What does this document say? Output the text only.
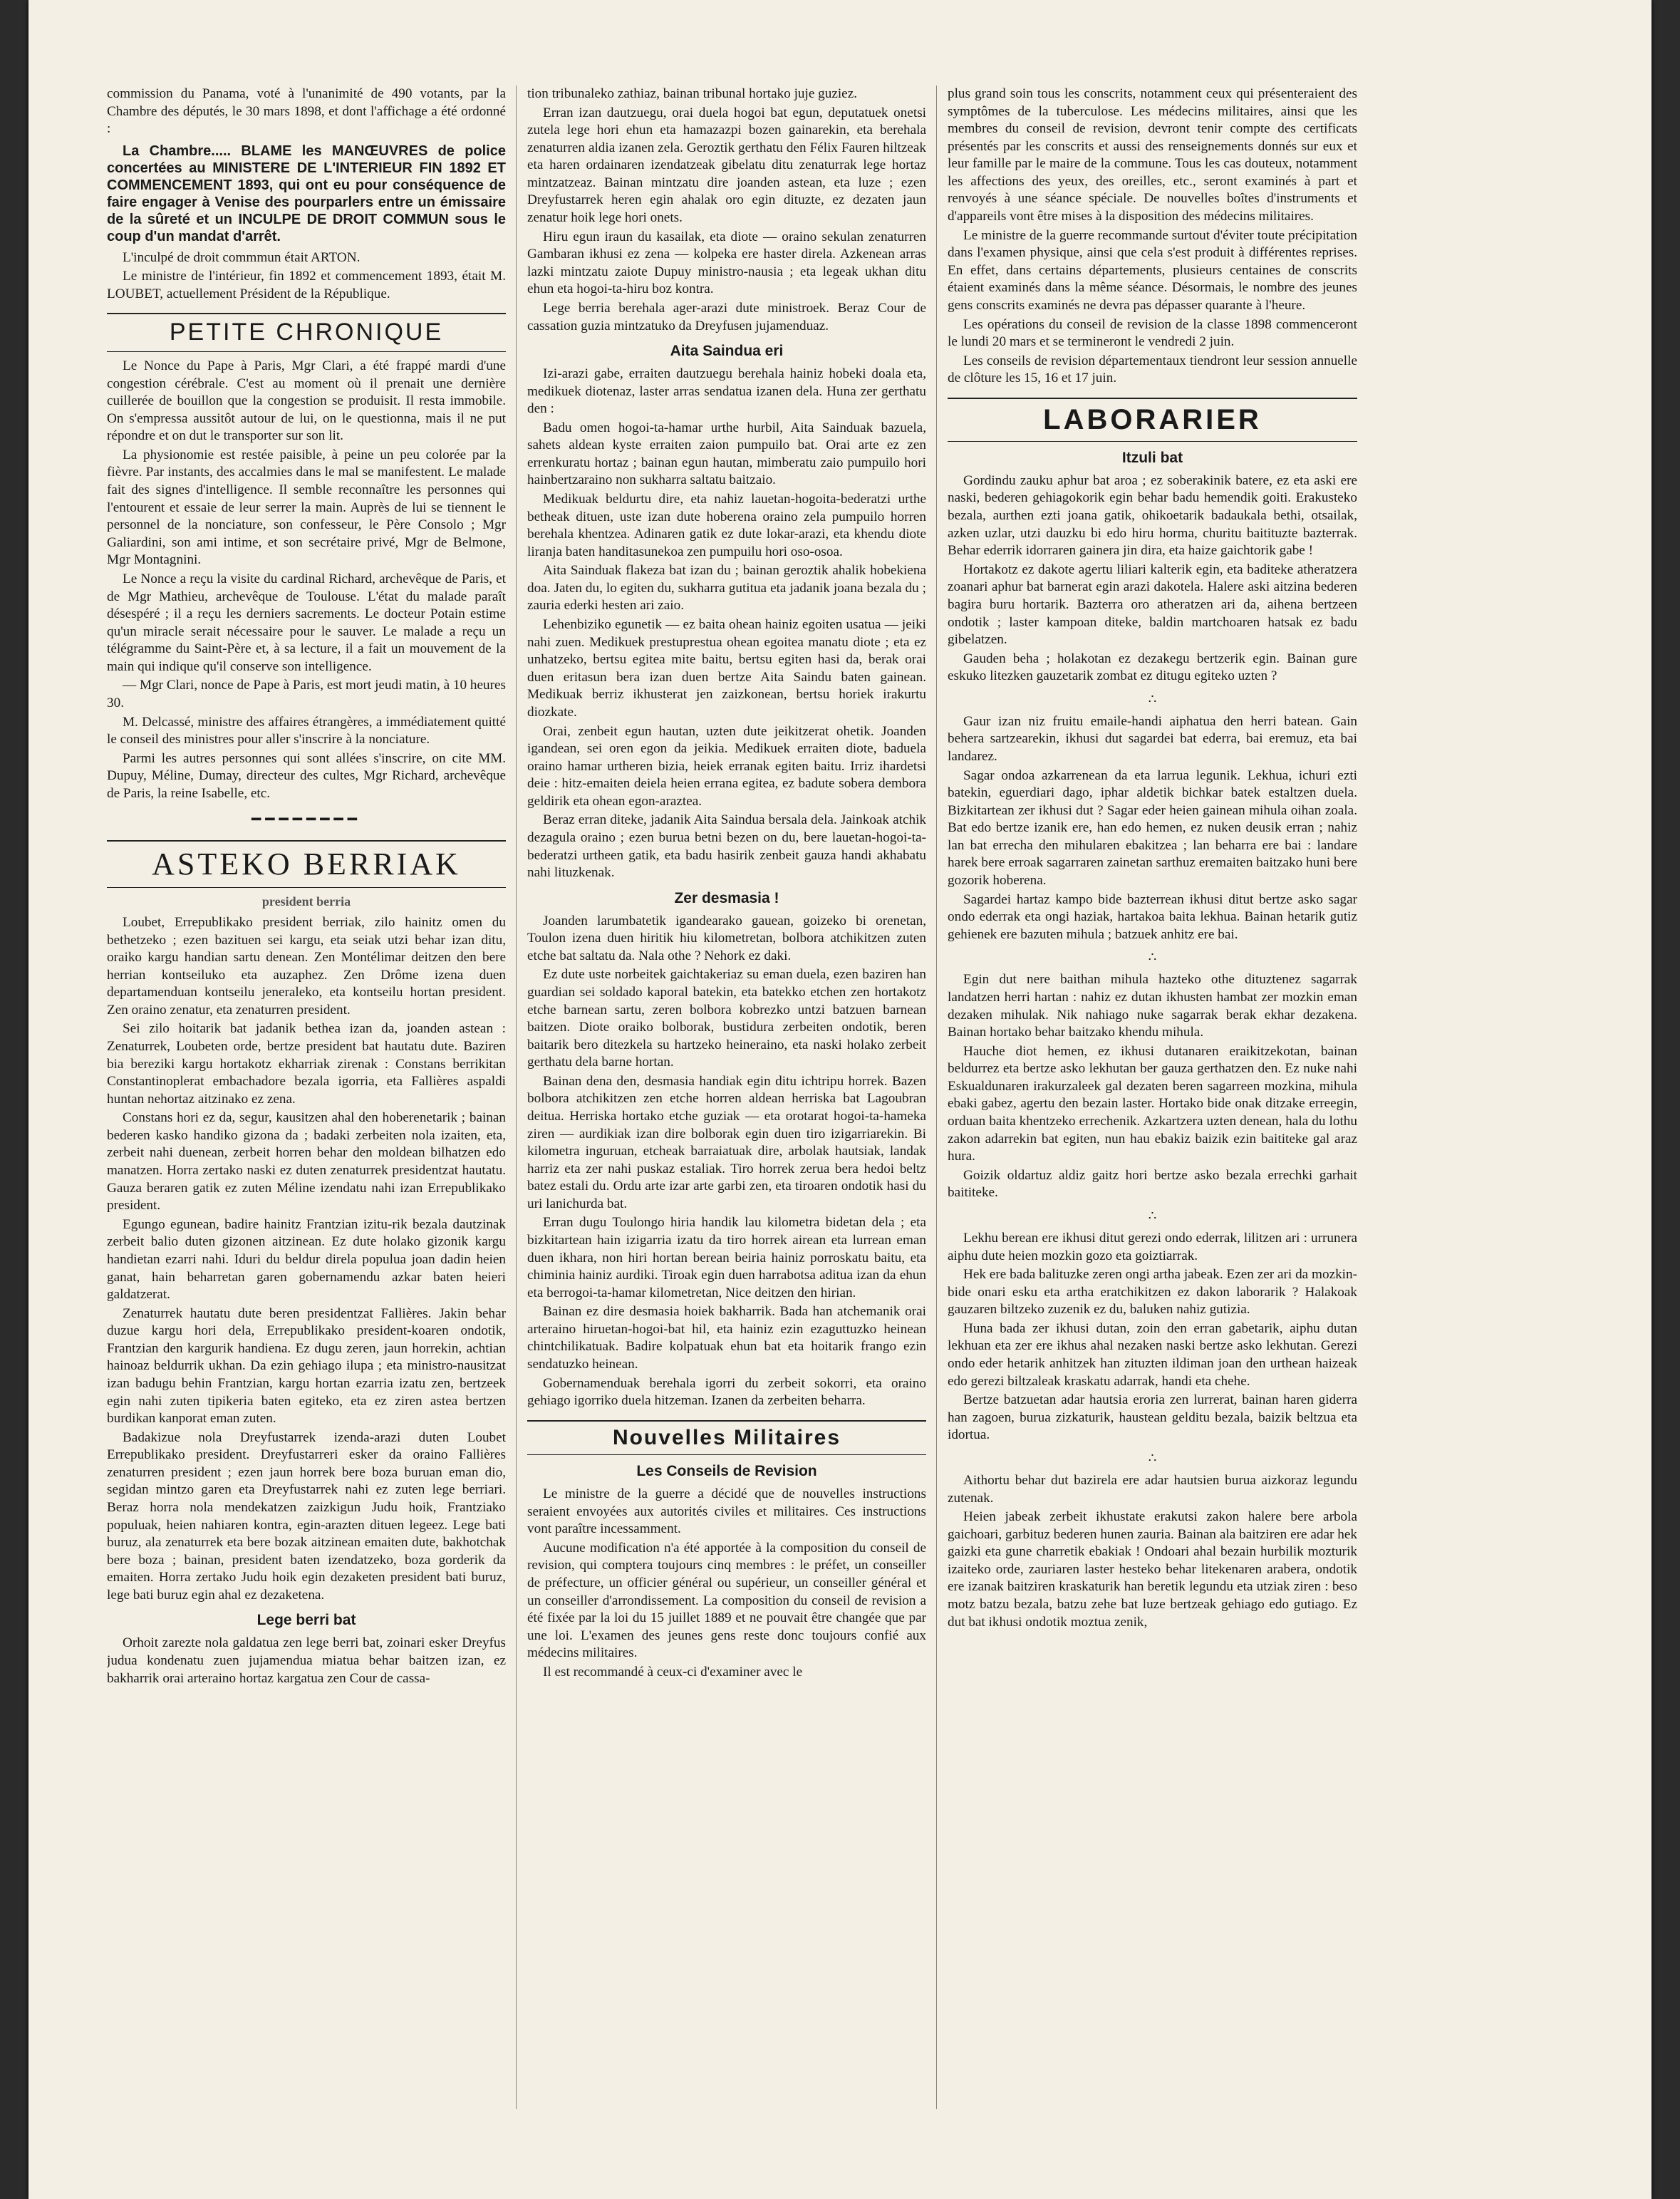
commission du Panama, voté à l'unanimité de 490 votants, par la Chambre des députés, le 30 mars 1898, et dont l'affichage a été ordonné :

La Chambre..... BLAME les MANŒUVRES de police concertées au MINISTERE DE L'INTERIEUR FIN 1892 ET COMMENCEMENT 1893, qui ont eu pour conséquence de faire engager à Venise des pourparlers entre un émissaire de la sûreté et un INCULPE DE DROIT COMMUN sous le coup d'un mandat d'arrêt.

L'inculpé de droit commmun était ARTON.

Le ministre de l'intérieur, fin 1892 et commencement 1893, était M. LOUBET, actuellement Président de la République.

PETITE CHRONIQUE

Le Nonce du Pape à Paris, Mgr Clari, a été frappé mardi d'une congestion cérébrale. C'est au moment où il prenait une dernière cuillerée de bouillon que la congestion se produisit. Il resta immobile. On s'empressa aussitôt autour de lui, on le questionna, mais il ne put répondre et on dut le transporter sur son lit.

La physionomie est restée paisible, à peine un peu colorée par la fièvre. Par instants, des accalmies dans le mal se manifestent. Le malade fait des signes d'intelligence. Il semble reconnaître les personnes qui l'entourent et essaie de leur serrer la main. Auprès de lui se tiennent le personnel de la nonciature, son confesseur, le Père Consolo ; Mgr Galiardini, son ami intime, et son secrétaire privé, Mgr de Belmone, Mgr Montagnini.

Le Nonce a reçu la visite du cardinal Richard, archevêque de Paris, et de Mgr Mathieu, archevêque de Toulouse. L'état du malade paraît désespéré ; il a reçu les derniers sacrements. Le docteur Potain estime qu'un miracle serait nécessaire pour le sauver. Le malade a reçu un télégramme du Saint-Père et, à sa lecture, il a fait un mouvement de la main qui indique qu'il conserve son intelligence.

— Mgr Clari, nonce de Pape à Paris, est mort jeudi matin, à 10 heures 30.

M. Delcassé, ministre des affaires étrangères, a immédiatement quitté le conseil des ministres pour aller s'inscrire à la nonciature.

Parmi les autres personnes qui sont allées s'inscrire, on cite MM. Dupuy, Méline, Dumay, directeur des cultes, Mgr Richard, archevêque de Paris, la reine Isabelle, etc.

━━━━━━━━
ASTEKO BERRIAK
president berria

Loubet, Errepublikako president berriak, zilo hainitz omen du bethetzeko ; ezen bazituen sei kargu, eta seiak utzi behar izan ditu, oraiko kargu handian sartu denean. Zen Montélimar deitzen den bere herrian kontseiluko eta auzaphez. Zen Drôme izena duen departamenduan kontseilu jeneraleko, eta kontseilu hortan president. Zen oraino zenatur, eta zenaturren president.

Sei zilo hoitarik bat jadanik bethea izan da, joanden astean : Zenaturrek, Loubeten orde, bertze president bat hautatu dute. Baziren bia bereziki kargu hortakotz ekharriak zirenak : Constans berrikitan Constantinoplerat embachadore bezala igorria, eta Fallières aspaldi huntan nehortaz aitzinako ez zena.

Constans hori ez da, segur, kausitzen ahal den hoberenetarik ; bainan bederen kasko handiko gizona da ; badaki zerbeiten nola izaiten, eta, zerbeit nahi duenean, zerbeit horren behar den moldean bilhatzen edo manatzen. Horra zertako naski ez duten zenaturrek presidentzat hautatu. Gauza beraren gatik ez zuten Méline izendatu nahi izan Errepublikako president.

Egungo egunean, badire hainitz Frantzian izitu-rik bezala dautzinak zerbeit balio duten gizonen aitzinean. Ez dute holako gizonik kargu handietan ezarri nahi. Iduri du beldur direla populua joan dadin heien ganat, hain beharretan garen gobernamendu azkar baten heieri galdatzerat.

Zenaturrek hautatu dute beren presidentzat Fallières. Jakin behar duzue kargu hori dela, Errepublikako president-koaren ondotik, Frantzian den kargurik handiena. Ez dugu zeren, jaun horrekin, achtian hainoaz beldurrik ukhan. Da ezin gehiago ilupa ; eta ministro-nausitzat izan badugu behin Frantzian, kargu hortan ezarria izatu zen, bertzeek egin nahi zuten tipikeria baten egiteko, eta ez ziren astea bertzen burdikan kanporat eman zuten.

Badakizue nola Dreyfustarrek izenda-arazi duten Loubet Errepublikako president. Dreyfustarreri esker da oraino Fallières zenaturren president ; ezen jaun horrek bere boza buruan eman dio, segidan mintzo garen eta Dreyfustarrek nahi ez zuten lege berriari. Beraz horra nola mendekatzen zaizkigun Judu hoik, Frantziako populuak, heien nahiaren kontra, egin-arazten dituen legeez. Lege bati buruz, ala zenaturrek eta bere bozak aitzinean emaiten dute, bakhotchak bere boza ; bainan, president baten izendatzeko, boza gorderik da emaiten. Horra zertako Judu hoik egin dezaketen president bati buruz, lege bati buruz egin ahal ez dezaketena.

Lege berri bat

Orhoit zarezte nola galdatua zen lege berri bat, zoinari esker Dreyfus judua kondenatu zuen jujamendua miatua behar baitzen izan, ez bakharrik orai arteraino hortaz kargatua zen Cour de cassa-

tion tribunaleko zathiaz, bainan tribunal hortako juje guziez.

Erran izan dautzuegu, orai duela hogoi bat egun, deputatuek onetsi zutela lege hori ehun eta hamazazpi bozen gainarekin, eta berehala zenaturren aldia izanen zela. Geroztik gerthatu den Félix Fauren hiltzeak eta haren ordainaren izendatzeak gibelatu ditu zenaturrak lege hortaz mintzatzeaz. Bainan mintzatu dire joanden astean, eta luze ; ezen Dreyfustarrek heren egin ahalak oro egin dituzte, ez dezaten jaun zenatur hoik lege hori onets.

Hiru egun iraun du kasailak, eta diote — oraino sekulan zenaturren Gambaran ikhusi ez zena — kolpeka ere haster direla. Azkenean arras lazki mintzatu zaiote Dupuy ministro-nausia ; eta legeak ukhan ditu ehun eta hogoi-ta-hiru boz kontra.

Lege berria berehala ager-arazi dute ministroek. Beraz Cour de cassation guzia mintzatuko da Dreyfusen jujamenduaz.

Aita Saindua eri

Izi-arazi gabe, erraiten dautzuegu berehala hainiz hobeki doala eta, medikuek diotenaz, laster arras sendatua izanen dela. Huna zer gerthatu den :

Badu omen hogoi-ta-hamar urthe hurbil, Aita Sainduak bazuela, sahets aldean kyste erraiten zaion pumpuilo bat. Orai arte ez zen errenkuratu hortaz ; bainan egun hautan, mimberatu zaio pumpuilo hori hainbertzaraino non sukharra saltatu baitzaio.

Medikuak beldurtu dire, eta nahiz lauetan-hogoita-bederatzi urthe betheak dituen, uste izan dute hoberena oraino zela pumpuilo horren berehala khentzea. Adinaren gatik ez dute lokar-arazi, eta khendu diote liranja baten handitasunekoa zen pumpuilu hori oso-osoa.

Aita Sainduak flakeza bat izan du ; bainan geroztik ahalik hobekiena doa. Jaten du, lo egiten du, sukharra gutitua eta jadanik joana bezala du ; zauria ederki hesten ari zaio.

Lehenbiziko egunetik — ez baita ohean hainiz egoiten usatua — jeiki nahi zuen. Medikuek prestuprestua ohean egoitea manatu diote ; eta ez unhatzeko, bertsu egitea mite baitu, bertsu egiten hasi da, berak orai duen eritasun bera izan duen bertze Aita Saindu baten gainean. Medikuak berriz ikhusterat jen zaizkonean, bertsu horiek irakurtu diozkate.

Orai, zenbeit egun hautan, uzten dute jeikitzerat ohetik. Joanden igandean, sei oren egon da jeikia. Medikuek erraiten diote, baduela oraino hamar urtheren bizia, heiek erranak egiten baitu. Irriz ihardetsi deie : hitz-emaiten deiela heien errana egitea, ez badute sobera dembora geldirik eta ohean egon-araztea.

Beraz erran diteke, jadanik Aita Saindua bersala dela. Jainkoak atchik dezagula oraino ; ezen burua betni bezen on du, bere lauetan-hogoi-ta-bederatzi urtheen gatik, eta badu hasirik zenbeit gauza handi akhabatu nahi lituzkenak.

Zer desmasia !

Joanden larumbatetik igandearako gauean, goizeko bi orenetan, Toulon izena duen hiritik hiu kilometretan, bolbora atchikitzen zuten etche bat saltatu da. Nala othe ? Nehork ez daki.

Ez dute uste norbeitek gaichtakeriaz su eman duela, ezen baziren han guardian sei soldado kaporal batekin, eta batekko etchen zen hortakotz etche barnean sartu, zeren bolbora kobrezko untzi batzuen barnean baitzen. Diote oraiko bolborak, bustidura zerbeiten ondotik, beren baitarik bero ditezkela su hartzeko heineraino, eta naski holako zerbeit gerthatu dela barne hortan.

Bainan dena den, desmasia handiak egin ditu ichtripu horrek. Bazen bolbora atchikitzen zen etche horren aldean herriska bat Lagoubran deitua. Herriska hortako etche guziak — eta orotarat hogoi-ta-hameka ziren — aurdikiak izan dire bolborak egin duen tiro izigarriarekin. Bi kilometra inguruan, etcheak barraiatuak dire, arbolak hautsiak, landak harriz eta zer nahi puskaz estaliak. Tiro horrek zerua bera hedoi beltz batez estali du. Ordu arte izar arte garbi zen, eta tiroaren ondotik hasi du uri lanichurda bat.

Erran dugu Toulongo hiria handik lau kilometra bidetan dela ; eta bizkitartean hain izigarria izatu da tiro horrek airean eta lurrean eman duen ikhara, non hiri hortan berean beiria hainiz porroskatu baitu, eta chiminia hainiz aurdiki. Tiroak egin duen harrabotsa aditua izan da ehun eta berrogoi-ta-hamar kilometretan, Nice deitzen den hirian.

Bainan ez dire desmasia hoiek bakharrik. Bada han atchemanik orai arteraino hiruetan-hogoi-bat hil, eta hainiz ezin ezaguttuzko heinean chintchilikatuak. Badire kolpatuak ehun bat eta hoitarik frango ezin sendatuzko heinean.

Gobernamenduak berehala igorri du zerbeit sokorri, eta oraino gehiago igorriko duela hitzeman. Izanen da zerbeiten beharra.

Nouvelles Militaires
Les Conseils de Revision

Le ministre de la guerre a décidé que de nouvelles instructions seraient envoyées aux autorités civiles et militaires. Ces instructions vont paraître incessamment.

Aucune modification n'a été apportée à la composition du conseil de revision, qui comptera toujours cinq membres : le préfet, un conseiller de préfecture, un officier général ou supérieur, un conseiller général et un conseiller d'arrondissement. La composition du conseil de revision a été fixée par la loi du 15 juillet 1889 et ne pouvait être changée que par une loi. L'examen des jeunes gens reste donc toujours confié aux médecins militaires.

Il est recommandé à ceux-ci d'examiner avec le

plus grand soin tous les conscrits, notamment ceux qui présenteraient des symptômes de la tuberculose. Les médecins militaires, ainsi que les membres du conseil de revision, devront tenir compte des certificats présentés par les conscrits et aussi des renseignements donnés sur eux et leur famille par le maire de la commune. Tous les cas douteux, notamment les affections des yeux, des oreilles, etc., seront examinés à part et renvoyés à une séance spéciale. De nouvelles boîtes d'instruments et d'appareils vont être mises à la disposition des médecins militaires.

Le ministre de la guerre recommande surtout d'éviter toute précipitation dans l'examen physique, ainsi que cela s'est produit à différentes reprises. En effet, dans certains départements, plusieurs centaines de conscrits étaient examinés dans la même séance. Désormais, le nombre des jeunes gens conscrits examinés ne devra pas dépasser quarante à l'heure.

Les opérations du conseil de revision de la classe 1898 commenceront le lundi 20 mars et se termineront le vendredi 2 juin.

Les conseils de revision départementaux tiendront leur session annuelle de clôture les 15, 16 et 17 juin.

LABORARIER
Itzuli bat

Gordindu zauku aphur bat aroa ; ez soberakinik batere, ez eta aski ere naski, bederen gehiagokorik egin behar badu hemendik goiti. Erakusteko bezala, aurthen ezti joana gatik, ohikoetarik badaukala bethi, otsailak, azken uzlar, utzi dauzku bi edo hiru horma, churitu baitituzte bazterrak. Behar ederrik idorraren gainera jin dira, eta haize gaichtorik gabe !

Hortakotz ez dakote agertu liliari kalterik egin, eta baditeke atheratzera zoanari aphur bat barnerat egin arazi dakotela. Halere aski aitzina bederen bagira buru hortarik. Bazterra oro atheratzen ari da, aihena bertzeen ondotik ; laster kampoan diteke, baldin martchoaren hatsak ez badu gibelatzen.

Gauden beha ; holakotan ez dezakegu bertzerik egin. Bainan gure eskuko litezken gauzetarik zombat ez ditugu egiteko uzten ?

∴

Gaur izan niz fruitu emaile-handi aiphatua den herri batean. Gain behera sartzearekin, ikhusi dut sagardei bat ederra, bai eremuz, eta bai landarez.

Sagar ondoa azkarrenean da eta larrua legunik. Lekhua, ichuri ezti batekin, eguerdiari dago, iphar aldetik bichkar batek estaltzen duela. Bizkitartean zer ikhusi dut ? Sagar eder heien gainean mihula oihan zoala. Bat edo bertze izanik ere, han edo hemen, ez nuken deusik erran ; nahiz lan bat errecha den mihularen ebakitzea ; lan beharra ere bai : landare harek bere erroak sagarraren zainetan sarthuz eremaiten baitzako huni bere gozorik hoberena.

Sagardei hartaz kampo bide bazterrean ikhusi ditut bertze asko sagar ondo ederrak eta ongi haziak, hartakoa baita lekhua. Bainan hetarik gutiz gehienek ere bazuten mihula ; batzuek anhitz ere bai.

∴

Egin dut nere baithan mihula hazteko othe dituztenez sagarrak landatzen herri hartan : nahiz ez dutan ikhusten hambat zer mozkin eman dezaken mihulak. Nik nahiago nuke sagarrak berak ekhar dezakena. Bainan hortako behar baitzako khendu mihula.

Hauche diot hemen, ez ikhusi dutanaren eraikitzekotan, bainan beldurrez eta bertze asko lekhutan ber gauza gerthatzen den. Ez nuke nahi Eskualdunaren irakurzaleek gal dezaten beren sagarreen mozkina, mihula ebaki gabez, agertu den bezain laster. Hortako bide onak ditzake erreegin, orduan baita khentzeko errechenik. Azkartzera uzten denean, hala du lothu zakon adarrekin bat egiten, nun hau ebakiz baizik ezin baititeke gal araz hura.

Goizik oldartuz aldiz gaitz hori bertze asko bezala errechki garhait baititeke.

∴

Lekhu berean ere ikhusi ditut gerezi ondo ederrak, lilitzen ari : urrunera aiphu dute heien mozkin gozo eta goiztiarrak.

Hek ere bada balituzke zeren ongi artha jabeak. Ezen zer ari da mozkin-bide onari esku eta artha eratchikitzen ez dakon laborarik ? Halakoak gauzaren biltzeko zuzenik ez du, baluken nahiz gutizia.

Huna bada zer ikhusi dutan, zoin den erran gabetarik, aiphu dutan lekhuan eta zer ere ikhus ahal nezaken naski bertze asko lekhutan. Gerezi ondo eder hetarik anhitzek han zituzten ildiman joan den urthean haizeak edo gerezi biltzaleak kraskatu adarrak, handi eta chehe.

Bertze batzuetan adar hautsia eroria zen lurrerat, bainan haren giderra han zagoen, burua zizkaturik, haustean gelditu bezala, baizik beltzua eta idortua.

∴

Aithortu behar dut bazirela ere adar hautsien burua aizkoraz legundu zutenak.

Heien jabeak zerbeit ikhustate erakutsi zakon halere bere arbola gaichoari, garbituz bederen hunen zauria. Bainan ala baitziren ere adar hek gaizki eta gune charretik ebakiak ! Ondoari ahal bezain hurbilik mozturik izaiteko orde, zauriaren laster hesteko behar litekenaren arabera, ondotik ere izanak baitziren kraskaturik han beretik legundu eta utziak ziren : beso motz batzu bezala, batzu zehe bat luze bertzeak gehiago edo gutiago. Ez dut bat ikhusi ondotik moztua zenik,
